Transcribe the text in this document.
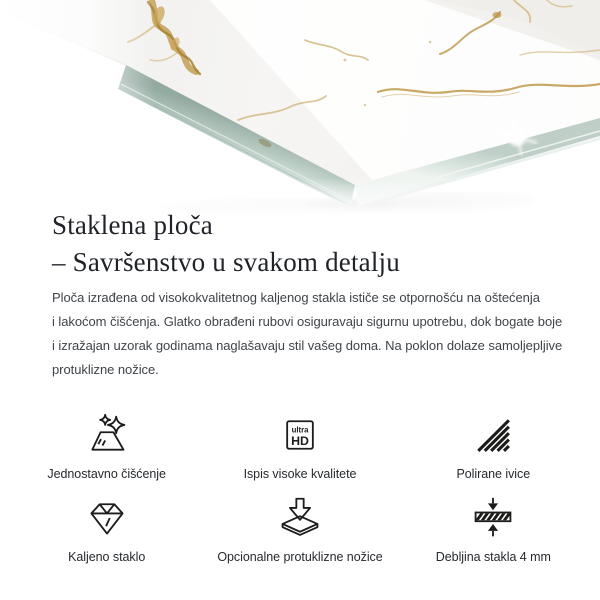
Staklena ploča
– Savršenstvo u svakom detalju
Ploča izrađena od visokokvalitetnog kaljenog stakla ističe se otpornošću na oštećenja
i lakoćom čišćenja. Glatko obrađeni rubovi osiguravaju sigurnu upotrebu, dok bogate boje
i izražajan uzorak godinama naglašavaju stil vašeg doma. Na poklon dolaze samoljepljive
protuklizne nožice.
Jednostavno čišćenje
ultra
HD
Ispis visoke kvalitete	Polirane ivice
Kaljeno staklo	Opcionalne protuklizne nožice	Debljina stakla 4 mm
